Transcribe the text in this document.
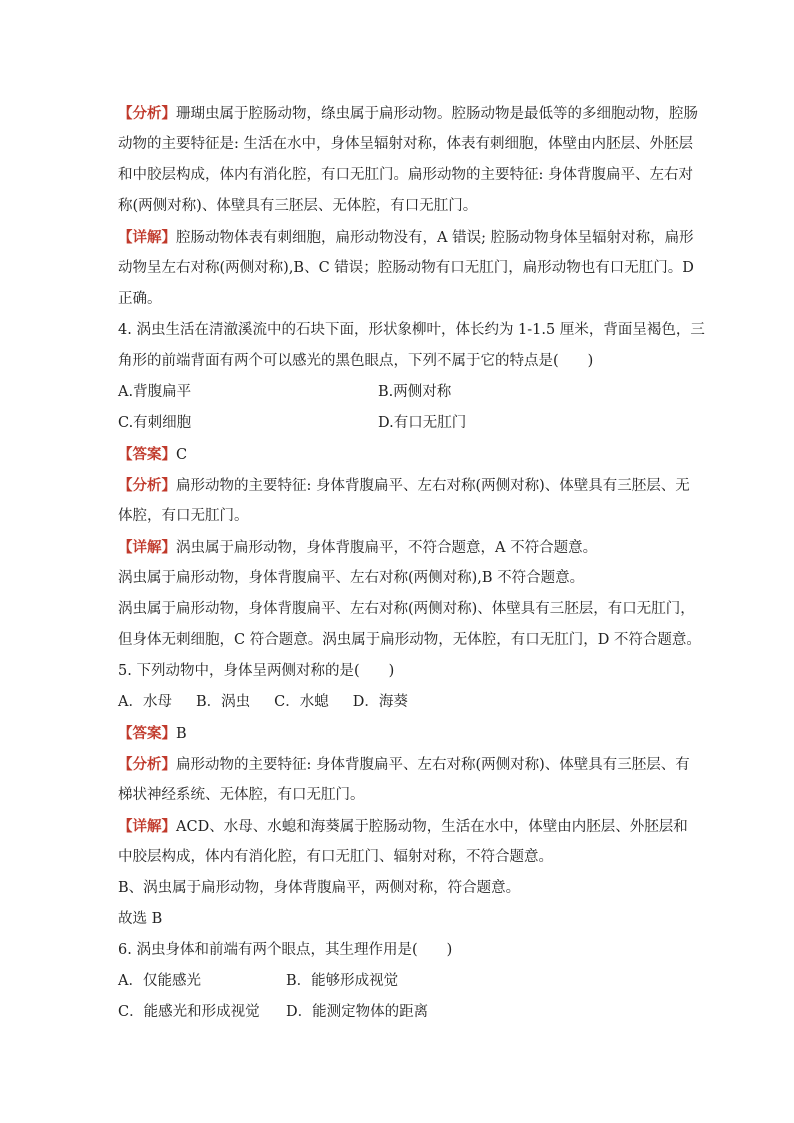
【分析】珊瑚虫属于腔肠动物，绦虫属于扁形动物。腔肠动物是最低等的多细胞动物，腔肠
动物的主要特征是: 生活在水中，身体呈辐射对称，体表有刺细胞，体壁由内胚层、外胚层
和中胶层构成，体内有消化腔，有口无肛门。扁形动物的主要特征: 身体背腹扁平、左右对
称(两侧对称)、体壁具有三胚层、无体腔，有口无肛门。
【详解】腔肠动物体表有刺细胞，扁形动物没有，A 错误; 腔肠动物身体呈辐射对称，扁形
动物呈左右对称(两侧对称),B、C 错误；腔肠动物有口无肛门，扁形动物也有口无肛门。D
正确。
4. 涡虫生活在清澈溪流中的石块下面，形状象柳叶，体长约为 1-1.5 厘米，背面呈褐色，三
角形的前端背面有两个可以感光的黑色眼点，下列不属于它的特点是(　　)
A.背腹扁平	B.两侧对称
C.有刺细胞	D.有口无肛门
【答案】C
【分析】扁形动物的主要特征: 身体背腹扁平、左右对称(两侧对称)、体壁具有三胚层、无
体腔，有口无肛门。
【详解】涡虫属于扁形动物，身体背腹扁平，不符合题意，A 不符合题意。
涡虫属于扁形动物，身体背腹扁平、左右对称(两侧对称),B 不符合题意。
涡虫属于扁形动物，身体背腹扁平、左右对称(两侧对称)、体壁具有三胚层，有口无肛门，
但身体无刺细胞，C 符合题意。涡虫属于扁形动物，无体腔，有口无肛门，D 不符合题意。
5. 下列动物中，身体呈两侧对称的是(　　)
A．水母 B．涡虫 C．水螅 D．海葵
【答案】B
【分析】扁形动物的主要特征: 身体背腹扁平、左右对称(两侧对称)、体壁具有三胚层、有
梯状神经系统、无体腔，有口无肛门。
【详解】ACD、水母、水螅和海葵属于腔肠动物，生活在水中，体壁由内胚层、外胚层和
中胶层构成，体内有消化腔，有口无肛门、辐射对称，不符合题意。
B、涡虫属于扁形动物，身体背腹扁平，两侧对称，符合题意。
故选 B
6. 涡虫身体和前端有两个眼点，其生理作用是(　　)
A．仅能感光	B．能够形成视觉
C．能感光和形成视觉 D．能测定物体的距离
